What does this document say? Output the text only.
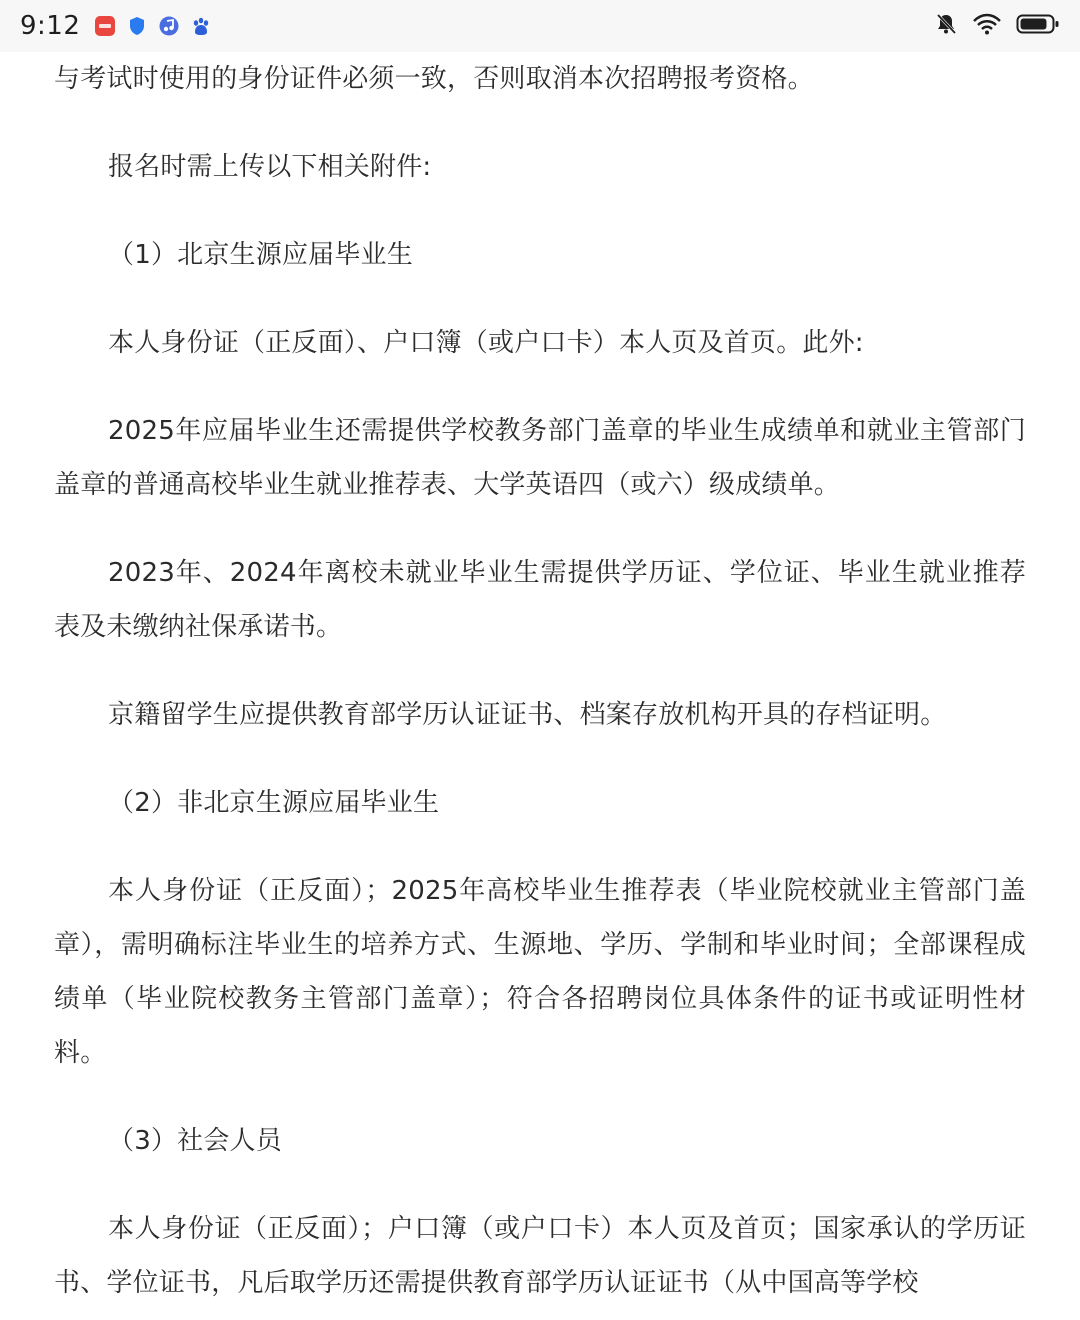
9:12

与考试时使用的身份证件必须一致，否则取消本次招聘报考资格。

报名时需上传以下相关附件:

（1）北京生源应届毕业生

本人身份证（正反面）、户口簿（或户口卡）本人页及首页。此外:

2025年应届毕业生还需提供学校教务部门盖章的毕业生成绩单和就业主管部门盖章的普通高校毕业生就业推荐表、大学英语四（或六）级成绩单。

2023年、2024年离校未就业毕业生需提供学历证、学位证、毕业生就业推荐表及未缴纳社保承诺书。

京籍留学生应提供教育部学历认证证书、档案存放机构开具的存档证明。

（2）非北京生源应届毕业生

本人身份证（正反面）；2025年高校毕业生推荐表（毕业院校就业主管部门盖章），需明确标注毕业生的培养方式、生源地、学历、学制和毕业时间；全部课程成绩单（毕业院校教务主管部门盖章）；符合各招聘岗位具体条件的证书或证明性材料。

（3）社会人员

本人身份证（正反面）；户口簿（或户口卡）本人页及首页；国家承认的学历证书、学位证书，凡后取学历还需提供教育部学历认证证书（从中国高等学校
